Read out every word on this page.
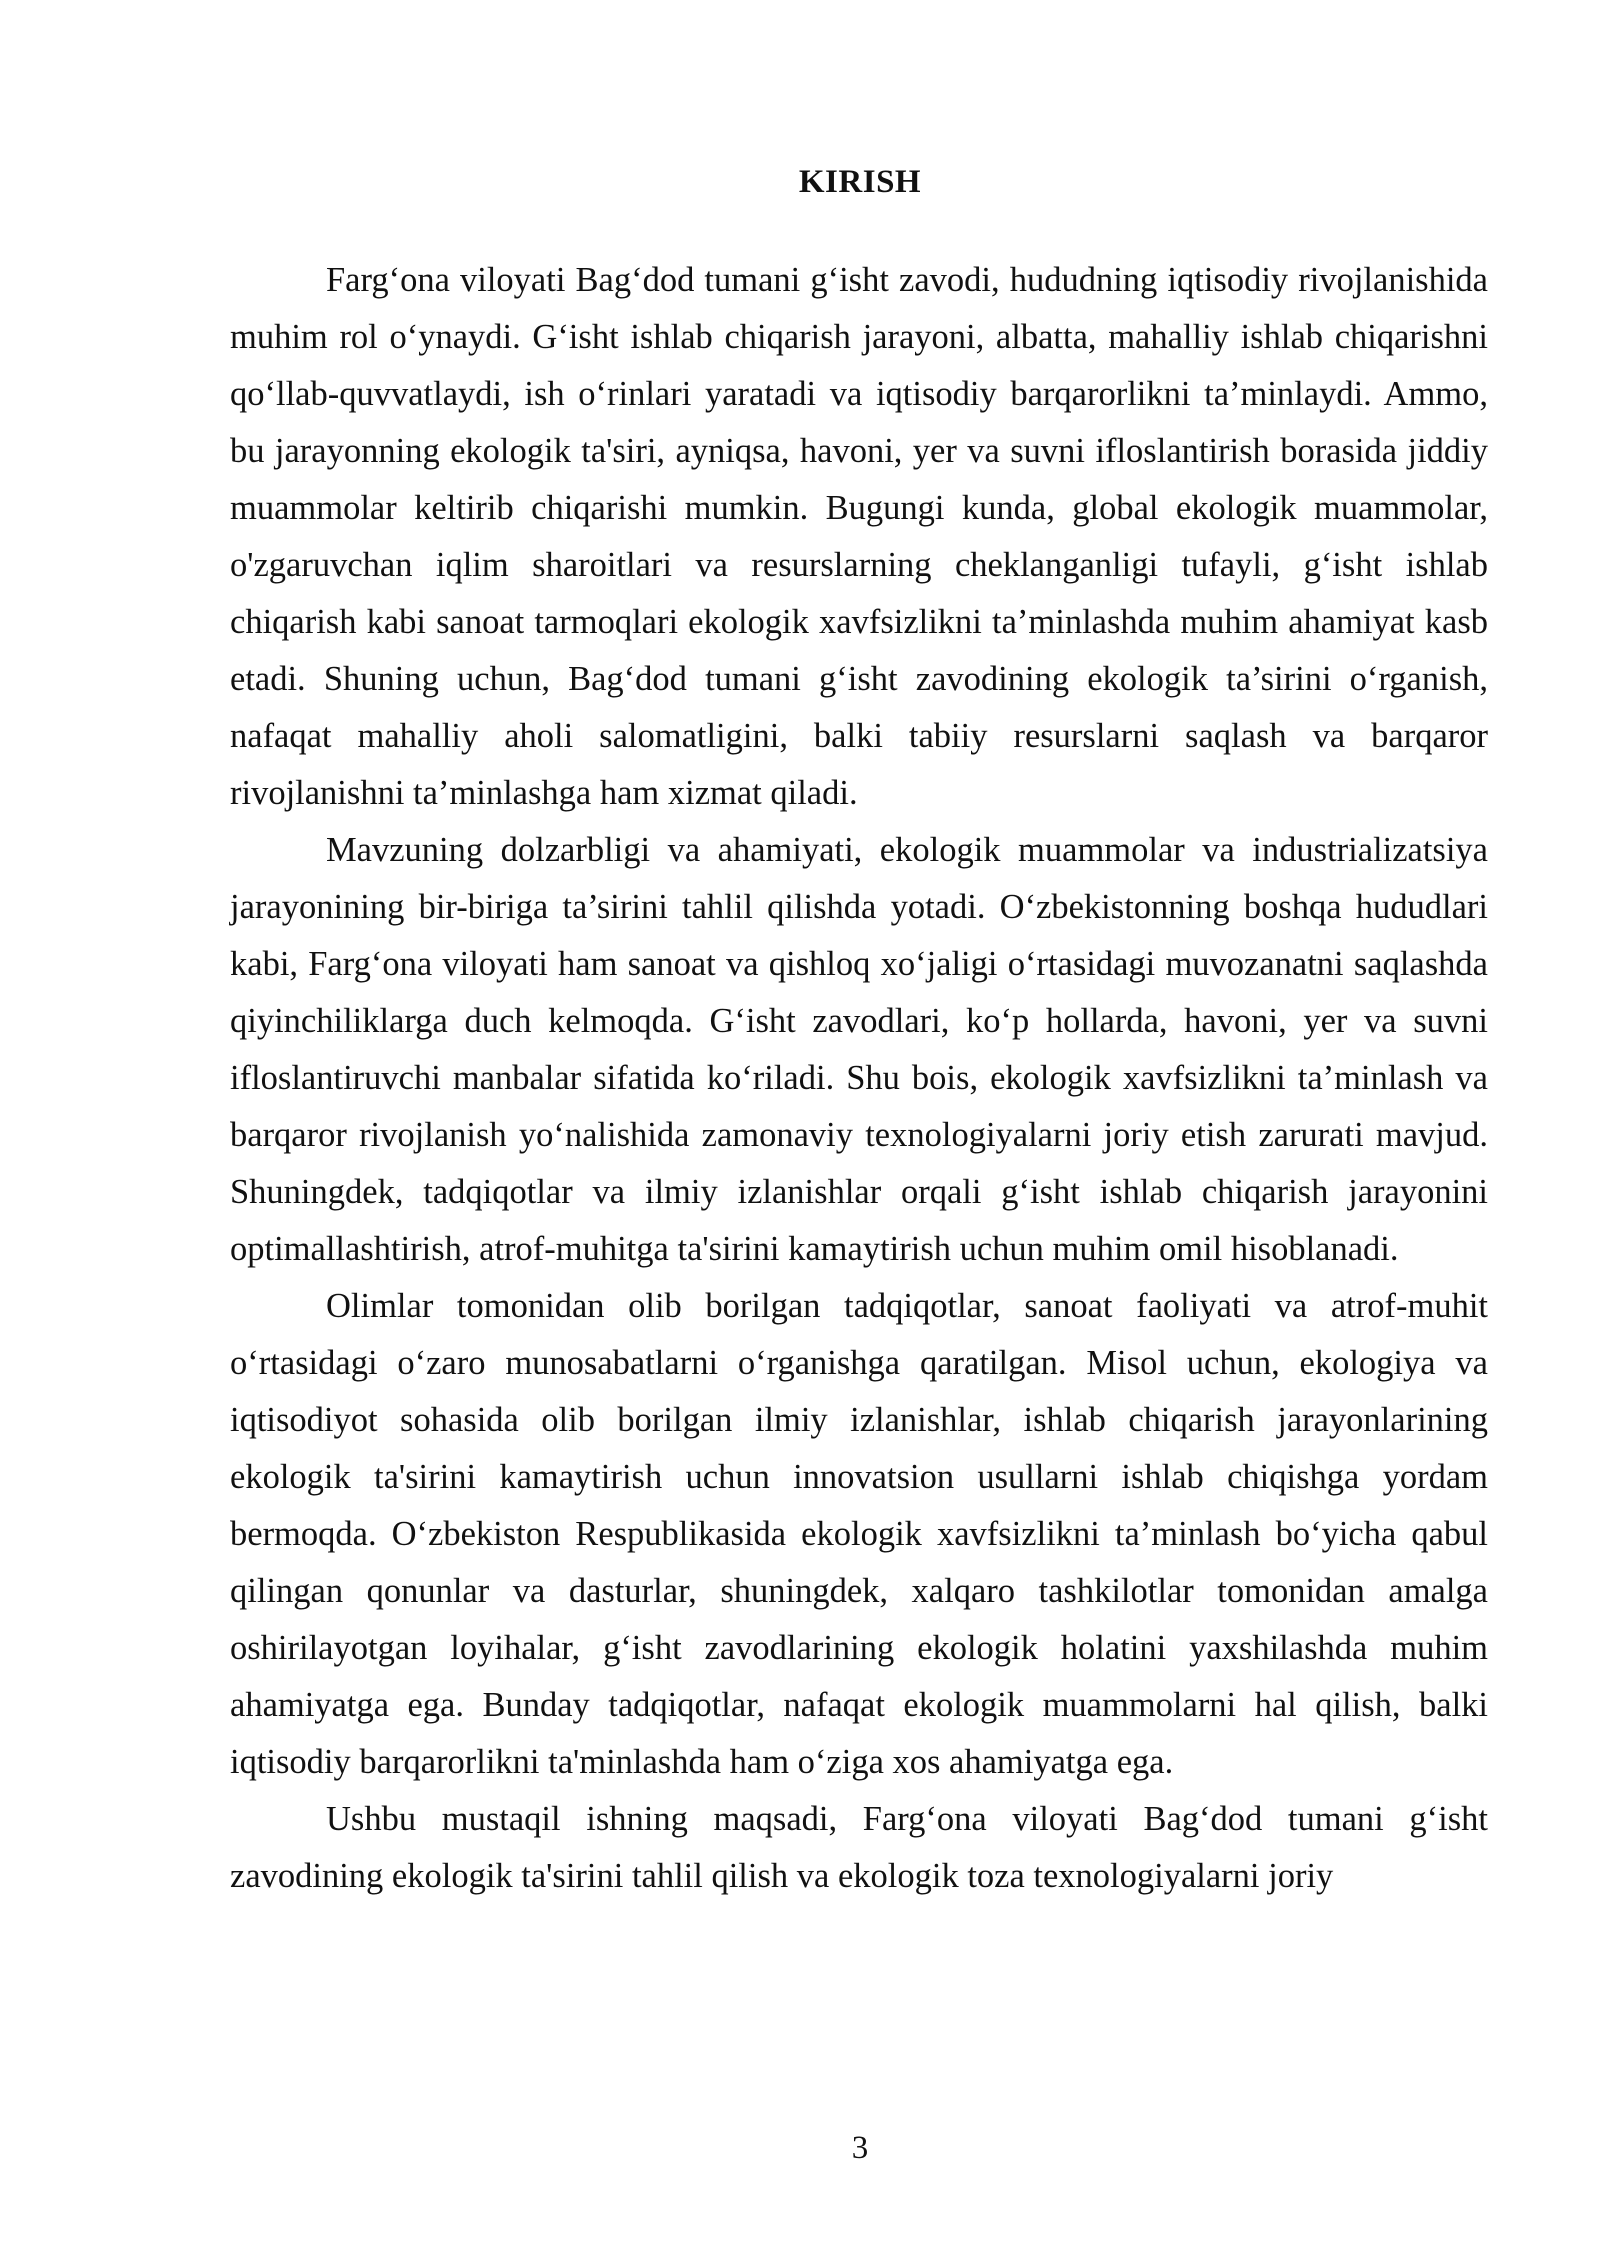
KIRISH

Farg‘ona viloyati Bag‘dod tumani g‘isht zavodi, hududning iqtisodiy rivojlanishida muhim rol o‘ynaydi. G‘isht ishlab chiqarish jarayoni, albatta, mahalliy ishlab chiqarishni qo‘llab-quvvatlaydi, ish o‘rinlari yaratadi va iqtisodiy barqarorlikni ta’minlaydi. Ammo, bu jarayonning ekologik ta'siri, ayniqsa, havoni, yer va suvni ifloslantirish borasida jiddiy muammolar keltirib chiqarishi mumkin. Bugungi kunda, global ekologik muammolar, o'zgaruvchan iqlim sharoitlari va resurslarning cheklanganligi tufayli, g‘isht ishlab chiqarish kabi sanoat tarmoqlari ekologik xavfsizlikni ta’minlashda muhim ahamiyat kasb etadi. Shuning uchun, Bag‘dod tumani g‘isht zavodining ekologik ta’sirini o‘rganish, nafaqat mahalliy aholi salomatligini, balki tabiiy resurslarni saqlash va barqaror rivojlanishni ta’minlashga ham xizmat qiladi.

Mavzuning dolzarbligi va ahamiyati, ekologik muammolar va industrializatsiya jarayonining bir-biriga ta’sirini tahlil qilishda yotadi. O‘zbekistonning boshqa hududlari kabi, Farg‘ona viloyati ham sanoat va qishloq xo‘jaligi o‘rtasidagi muvozanatni saqlashda qiyinchiliklarga duch kelmoqda. G‘isht zavodlari, ko‘p hollarda, havoni, yer va suvni ifloslantiruvchi manbalar sifatida ko‘riladi. Shu bois, ekologik xavfsizlikni ta’minlash va barqaror rivojlanish yo‘nalishida zamonaviy texnologiyalarni joriy etish zarurati mavjud. Shuningdek, tadqiqotlar va ilmiy izlanishlar orqali g‘isht ishlab chiqarish jarayonini optimallashtirish, atrof-muhitga ta'sirini kamaytirish uchun muhim omil hisoblanadi.

Olimlar tomonidan olib borilgan tadqiqotlar, sanoat faoliyati va atrof-muhit o‘rtasidagi o‘zaro munosabatlarni o‘rganishga qaratilgan. Misol uchun, ekologiya va iqtisodiyot sohasida olib borilgan ilmiy izlanishlar, ishlab chiqarish jarayonlarining ekologik ta'sirini kamaytirish uchun innovatsion usullarni ishlab chiqishga yordam bermoqda. O‘zbekiston Respublikasida ekologik xavfsizlikni ta’minlash bo‘yicha qabul qilingan qonunlar va dasturlar, shuningdek, xalqaro tashkilotlar tomonidan amalga oshirilayotgan loyihalar, g‘isht zavodlarining ekologik holatini yaxshilashda muhim ahamiyatga ega. Bunday tadqiqotlar, nafaqat ekologik muammolarni hal qilish, balki iqtisodiy barqarorlikni ta'minlashda ham o‘ziga xos ahamiyatga ega.

Ushbu mustaqil ishning maqsadi, Farg‘ona viloyati Bag‘dod tumani g‘isht zavodining ekologik ta'sirini tahlil qilish va ekologik toza texnologiyalarni joriy

3
